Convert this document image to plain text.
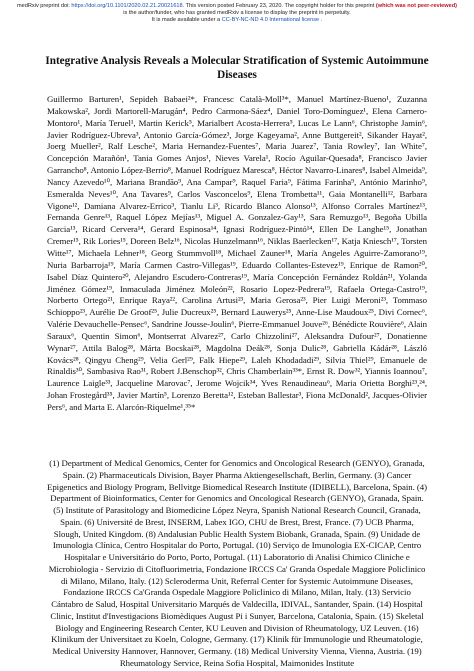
medRxiv preprint doi: https://doi.org/10.1101/2020.02.21.20021618. This version posted February 23, 2020. The copyright holder for this preprint (which was not peer-reviewed)
is the author/funder, who has granted medRxiv a license to display the preprint in perpetuity.
It is made available under a CC-BY-NC-ND 4.0 International license .
Integrative Analysis Reveals a Molecular Stratification of Systemic Autoimmune Diseases
Guillermo Barturen¹, Sepideh Babaei²*, Francesc Català-Moll³*, Manuel Martínez-Bueno¹, Zuzanna Makowska², Jordi Martorell-Marugán⁴, Pedro Carmona-Sáez⁴, Daniel Toro-Domínguez¹, Elena Carnero-Montoro¹, María Teruel¹, Martin Kerick⁵, Marialbert Acosta-Herrera⁵, Lucas Le Lann⁶, Christophe Jamin⁶, Javier Rodríguez-Ubreva³, Antonio García-Gómez³, Jorge Kageyama², Anne Buttgereit², Sikander Hayat², Joerg Mueller², Ralf Lesche², Maria Hernandez-Fuentes⁷, Maria Juarez⁷, Tania Rowley⁷, Ian White⁷, Concepción Marañón¹, Tania Gomes Anjos¹, Nieves Varela¹, Rocío Aguilar-Quesada⁸, Francisco Javier Garrancho⁸, Antonio López-Berrio⁸, Manuel Rodríguez Maresca⁸, Héctor Navarro-Linares⁸, Isabel Almeida⁹, Nancy Azevedo¹⁰, Mariana Brandão⁹, Ana Campar⁹, Raquel Faria⁹, Fátima Farinha⁹, António Marinho⁹, Esmeralda Neves¹⁰, Ana Tavares⁹, Carlos Vasconcelos⁹, Elena Trombetta¹¹, Gaia Montanelli¹², Barbara Vigone¹², Damiana Alvarez-Errico³, Tianlu Li³, Ricardo Blanco Alonso¹³, Alfonso Corrales Martínez¹³, Fernanda Genre¹³, Raquel López Mejías¹³, Miguel A. Gonzalez-Gay¹³, Sara Remuzgo¹³, Begoña Ubilla Garcia¹³, Ricard Cervera¹⁴, Gerard Espinosa¹⁴, Ignasi Rodríguez-Pintó¹⁴, Ellen De Langhe¹⁵, Jonathan Cremer¹⁵, Rik Lories¹⁵, Doreen Belz¹⁶, Nicolas Hunzelmann¹⁶, Niklas Baerlecken¹⁷, Katja Kniesch¹⁷, Torsten Witte¹⁷, Michaela Lehner¹⁸, Georg Stummvoll¹⁸, Michael Zauner¹⁸, María Angeles Aguirre-Zamorano¹⁹, Nuria Barbarroja¹⁹, María Carmen Castro-Villegas¹⁹, Eduardo Collantes-Estevez¹⁹, Enrique de Ramon²⁰, Isabel Díaz Quintero²⁰, Alejandro Escudero-Contreras¹⁹, María Concepción Fernández Roldán²¹, Yolanda Jiménez Gómez¹⁹, Inmaculada Jiménez Moleón²², Rosario Lopez-Pedrera¹⁹, Rafaela Ortega-Castro¹⁹, Norberto Ortego²¹, Enrique Raya²², Carolina Artusi²³, Maria Gerosa²³, Pier Luigi Meroni²³, Tommaso Schioppo²³, Aurélie De Groof²⁵, Julie Ducreux²⁵, Bernard Lauwerys²⁵, Anne-Lise Maudoux²⁵, Divi Cornec⁶, Valérie Devauchelle-Pensec⁶, Sandrine Jousse-Joulin⁶, Pierre-Emmanuel Jouve²⁶, Bénédicte Rouvière⁶, Alain Saraux⁶, Quentin Simon⁶, Montserrat Alvarez²⁷, Carlo Chizzolini²⁷, Aleksandra Dufour²⁷, Donatienne Wynar²⁷, Attila Balog²⁸, Márta Bocskai²⁸, Magdolna Deák²⁸, Sonja Dulic²⁸, Gabriella Kádár²⁸, László Kovács²⁸, Qingyu Cheng²⁹, Velia Gerl²⁹, Falk Hiepe²⁹, Laleh Khodadadi²⁹, Silvia Thiel²⁹, Emanuele de Rinaldis³⁰, Sambasiva Rao³¹, Robert J.Benschop³², Chris Chamberlain³³*, Ernst R. Dow³², Yiannis Ioannou⁷, Laurence Laigle³³, Jacqueline Marovac⁷, Jerome Wojcik³⁴, Yves Renaudineau⁶, Maria Orietta Borghi²³,²⁴, Johan Frostegård³⁵, Javier Martín⁵, Lorenzo Beretta¹², Esteban Ballestar³, Fiona McDonald², Jacques-Olivier Pers⁶, and Marta E. Alarcón-Riquelme¹,³⁵*
(1) Department of Medical Genomics, Center for Genomics and Oncological Research (GENYO), Granada, Spain. (2) Pharmaceuticals Division, Bayer Pharma Aktiengesellschaft, Berlin, Germany. (3) Cancer Epigenetics and Biology Program, Bellvitge Biomedical Research Institute (IDIBELL), Barcelona, Spain. (4) Department of Bioinformatics, Center for Genomics and Oncological Research (GENYO), Granada, Spain. (5) Institute of Parasitology and Biomedicine López Neyra, Spanish National Research Council, Granada, Spain. (6) Université de Brest, INSERM, Labex IGO, CHU de Brest, Brest, France. (7) UCB Pharma, Slough, United Kingdom. (8) Andalusian Public Health System Biobank, Granada, Spain. (9) Unidade de Imunologia Clínica, Centro Hospitalar do Porto, Portugal. (10) Serviço de Imunologia EX-CICAP, Centro Hospitalar e Universitário do Porto, Porto, Portugal. (11) Laboratorio di Analisi Chimico Cliniche e Microbiologia - Servizio di Citofluorimetria, Fondazione IRCCS Ca' Granda Ospedale Maggiore Policlinico di Milano, Milano, Italy. (12) Scleroderma Unit, Referral Center for Systemic Autoimmune Diseases, Fondazione IRCCS Ca'Granda Ospedale Maggiore Policlinico di Milano, Milan, Italy. (13) Servicio Cántabro de Salud, Hospital Universitario Marqués de Valdecilla, IDIVAL, Santander, Spain. (14) Hospital Clinic, Institut d'Investigacions Biomèdiques August Pi i Sunyer, Barcelona, Catalonia, Spain. (15) Skeletal Biology and Engineering Research Center, KU Leuven and Division of Rheumatology, UZ Leuven. (16) Klinikum der Universitaet zu Koeln, Cologne, Germany. (17) Klinik für Immunologie und Rheumatologie, Medical University Hannover, Hannover, Germany. (18) Medical University Vienna, Vienna, Austria. (19) Rheumatology Service, Reina Sofia Hospital, Maimonides Institute
